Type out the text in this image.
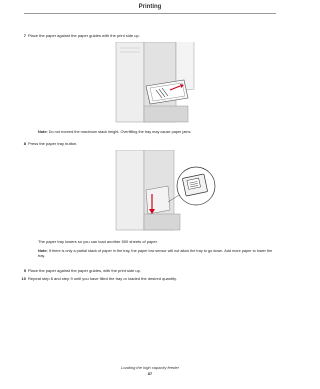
Printing
7 Place the paper against the paper guides with the print side up.
Note: Do not exceed the maximum stack height. Overfilling the tray may cause paper jams.
8 Press the paper tray button.
The paper tray lowers so you can load another 500 sheets of paper.
Note: If there is only a partial stack of paper in the tray, the paper low sensor will not allow the tray to go down. Add more paper to lower the tray.
9 Place the paper against the paper guides, with the print side up.
10 Repeat step 8 and step 9 until you have filled the tray or loaded the desired quantity.
Loading the high capacity feeder
87
